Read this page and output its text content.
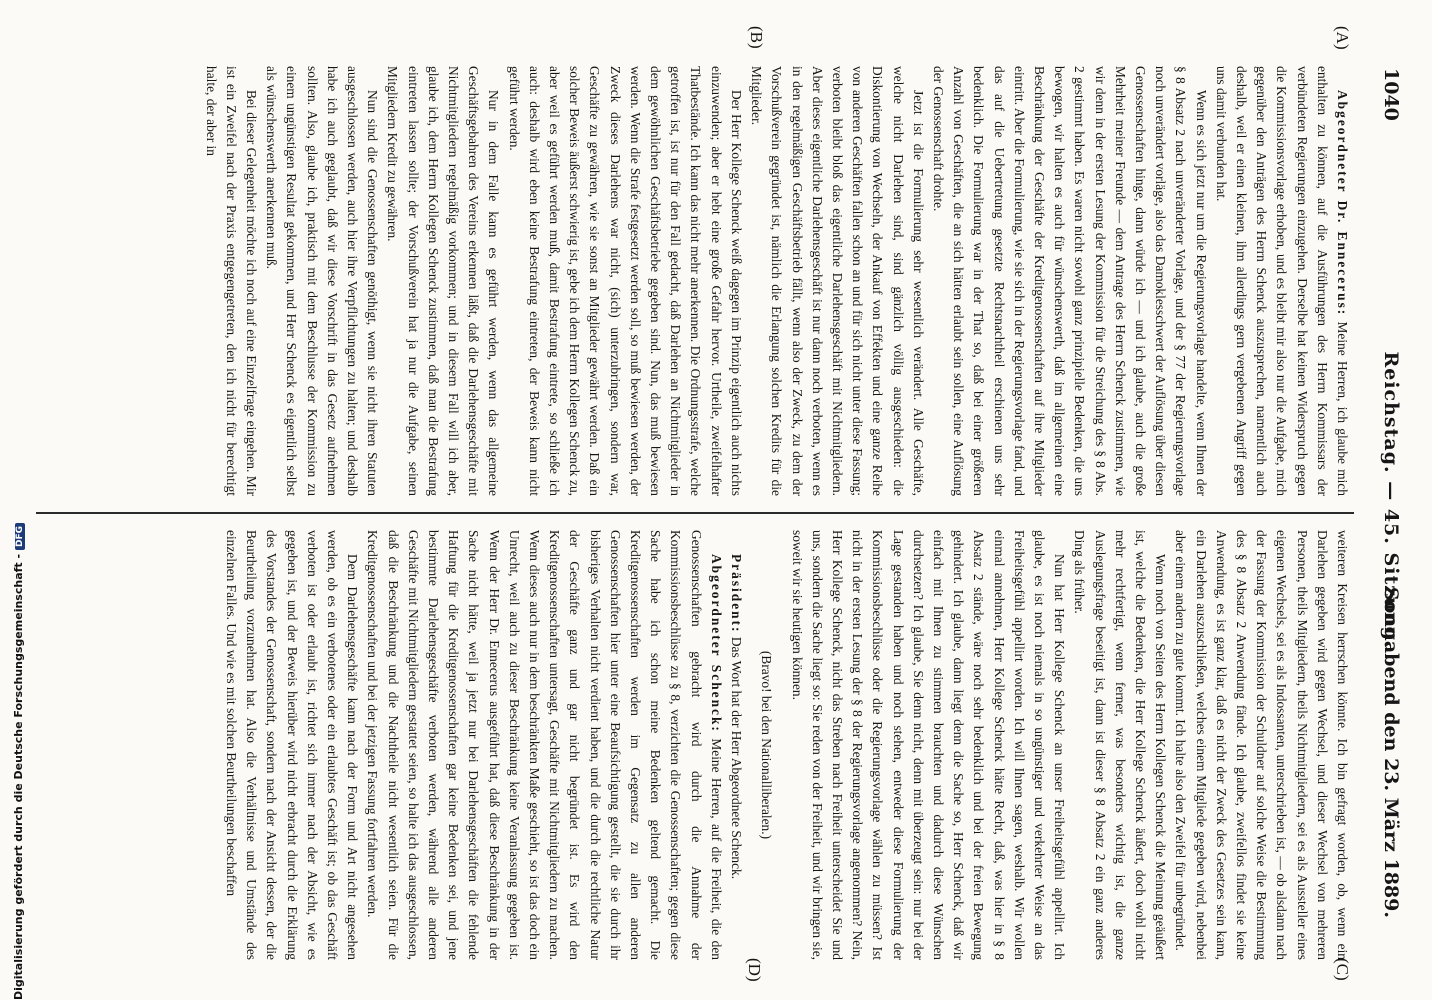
1040
Reichstag. — 45. Sitzung.
Sonnabend den 23. März 1889.
(A)
(B)
(C)
(D)

Abgeordneter Dr. Ennecerus: Meine Herren, ich glaube mich enthalten zu können, auf die Ausführungen des Herrn Kommissars der verbündeten Regierungen einzugehen. Derselbe hat keinen Widerspruch gegen die Kommissionsvorlage erhoben, und es bleibt mir also nur die Aufgabe, mich gegenüber den Anträgen des Herrn Schenck auszusprechen, namentlich auch deshalb, weil er einen kleinen, ihm allerdings gern vergebenen Angriff gegen uns damit verbunden hat.

Wenn es sich jetzt nur um die Regierungsvorlage handelte, wenn Ihnen der § 8 Absatz 2 nach unveränderter Vorlage, und der § 77 der Regierungsvorlage noch unverändert vorläge, also das Damoklesschwert der Auflösung über diesen Genossenschaften hinge, dann würde ich — und ich glaube, auch die große Mehrheit meiner Freunde — dem Antrage des Herrn Schenck zustimmen, wie wir denn in der ersten Lesung der Kommission für die Streichung des § 8 Abs. 2 gestimmt haben. Es waren nicht sowohl ganz prinzipielle Bedenken, die uns bewogen, wir halten es auch für wünschenswerth, daß im allgemeinen eine Beschränkung der Geschäfte der Kreditgenossenschaften auf ihre Mitglieder eintritt. Aber die Formulierung, wie sie sich in der Regierungsvorlage fand, und das auf die Uebertretung gesetzte Rechtsnachtheil erschienen uns sehr bedenklich. Die Formulierung war in der That so, daß bei einer größeren Anzahl von Geschäften, die an sich hätten erlaubt sein sollen, eine Auflösung der Genossenschaft drohte.

Jetzt ist die Formulierung sehr wesentlich verändert. Alle Geschäfte, welche nicht Darlehen sind, sind gänzlich völlig ausgeschieden: die Diskontierung von Wechseln, der Ankauf von Effekten und eine ganze Reihe von anderen Geschäften fallen schon an und für sich nicht unter diese Fassung; verboten bleibt bloß das eigentliche Darlehensgeschäft mit Nichtmitgliedern. Aber dieses eigentliche Darlehensgeschäft ist nur dann noch verboten, wenn es in den regelmäßigen Geschäftsbetrieb fällt, wenn also der Zweck, zu dem der Vorschußverein gegründet ist, nämlich die Erlangung solchen Kredits für die Mitglieder.

Der Herr Kollege Schenck weiß dagegen im Prinzip eigentlich auch nichts einzuwenden; aber er hebt eine große Gefahr hervor. Urtheile, zweifelhafter Thatbestände. Ich kann das nicht mehr anerkennen. Die Ordnungsstrafe, welche getroffen ist, ist nur für den Fall gedacht, daß Darlehen an Nichtmitglieder in dem gewöhnlichen Geschäftsbetriebe gegeben sind. Nun, das muß bewiesen werden. Wenn die Strafe festgesetzt werden soll, so muß bewiesen werden, der Zweck dieses Darlehens war nicht, (sich) unterzubringen, sondern war, Geschäfte zu gewähren, wie sie sonst an Mitglieder gewährt werden. Daß ein solcher Beweis äußerst schwierig ist, gebe ich dem Herrn Kollegen Schenck zu, aber weil es geführt werden muß, damit Bestrafung eintrete, so schließe ich auch: deshalb wird eben keine Bestrafung eintreten, der Beweis kann nicht geführt werden.

Nur in dem Falle kann es geführt werden, wenn das allgemeine Geschäftsgebahren des Vereins erkennen läßt, daß die Darlehensgeschäfte mit Nichtmitgliedern regelmäßig vorkommen; und in diesem Fall will ich aber, glaube ich, dem Herrn Kollegen Schenck zustimmen, daß man die Bestrafung eintreten lassen sollte; der Vorschußverein hat ja nur die Aufgabe, seinen Mitgliedern Kredit zu gewähren.

Nun sind die Genossenschaften genöthigt, wenn sie nicht ihren Statuten ausgeschlossen werden, auch hier ihre Verpflichtungen zu halten; und deshalb habe ich auch geglaubt, daß wir diese Vorschrift in das Gesetz aufnehmen sollten. Also, glaube ich, praktisch mit dem Beschlusse der Kommission zu einem ungünstigen Resultat gekommen, und Herr Schenck es eigentlich selbst als wünschenswerth anerkennen muß.

Bei dieser Gelegenheit möchte ich noch auf eine Einzelfrage eingehen. Mir ist ein Zweifel nach der Praxis entgegengetreten, den ich nicht für berechtigt halte, der aber in

weiteren Kreisen herrschen könnte. Ich bin gefragt worden, ob, wenn ein Darlehen gegeben wird gegen Wechsel, und dieser Wechsel von mehreren Personen, theils Mitgliedern, theils Nichtmitgliedern, sei es als Aussteller eines eigenen Wechsels, sei es als Indossanten, unterschrieben ist, — ob alsdann nach der Fassung der Kommission der Schuldner auf solche Weise die Bestimmung des § 8 Absatz 2 Anwendung fände. Ich glaube, zweifellos findet sie keine Anwendung, es ist ganz klar, daß es nicht der Zweck des Gesetzes sein kann, ein Darlehen auszuschließen, welches einem Mitgliede gegeben wird, nebenbei aber einem andern zu gute kommt. Ich halte also den Zweifel für unbegründet.

Wenn noch von Seiten des Herrn Kollegen Schenck die Meinung geäußert ist, welche die Bedenken, die Herr Kollege Schenck äußert, doch wohl nicht mehr rechtfertigt, wenn ferner, was besonders wichtig ist, die ganze Auslegungsfrage beseitigt ist, dann ist dieser § 8 Absatz 2 ein ganz anderes Ding als früher.

Nun hat Herr Kollege Schenck an unser Freiheitsgefühl appellirt. Ich glaube, es ist noch niemals in so ungünstiger und verkehrter Weise an das Freiheitsgefühl appellirt worden. Ich will Ihnen sagen, weshalb. Wir wollen einmal annehmen, Herr Kollege Schenck hätte Recht, daß, was hier in § 8 Absatz 2 stände, wäre noch sehr bedenklich und bei der freien Bewegung gehindert. Ich glaube, dann liegt denn die Sache so, Herr Schenck, daß wir einfach mit Ihnen zu stimmen brauchten und dadurch diese Wünschen durchsetzen? Ich glaube, Sie denn nicht, denn mit überzeugt sein: nur bei der Lage gestanden haben und noch stehen, entweder diese Formulierung der Kommissionsbeschlüsse oder die Regierungsvorlage wählen zu müssen? Ist nicht in der ersten Lesung der § 8 der Regierungsvorlage angenommen? Nein, Herr Kollege Schenck, nicht das Streben nach Freiheit unterscheidet Sie und uns, sondern die Sache liegt so: Sie reden von der Freiheit, und wir bringen sie, soweit wir sie heutigen können.

(Bravo! bei den Nationalliberalen.)

Präsident: Das Wort hat der Herr Abgeordnete Schenck.

Abgeordneter Schenck: Meine Herren, auf die Freiheit, die den Genossenschaften gebracht wird durch die Annahme der Kommissionsbeschlüsse zu § 8, verzichten die Genossenschaften; gegen diese Sache habe ich schon meine Bedenken geltend gemacht. Die Kreditgenossenschaften werden im Gegensatz zu allen anderen Genossenschaften hier unter eine Beaufsichtigung gestellt, die sie durch ihr bisheriges Verhalten nicht verdient haben, und die durch die rechtliche Natur der Geschäfte ganz und gar nicht begründet ist. Es wird den Kreditgenossenschaften untersagt, Geschäfte mit Nichtmitgliedern zu machen. Wenn dieses auch nur in dem beschränkten Maße geschieht, so ist das doch ein Unrecht, weil auch zu dieser Beschränkung keine Veranlassung gegeben ist. Wenn der Herr Dr. Ennecerus ausgeführt hat, daß diese Beschränkung in der Sache nicht hätte, weil ja jetzt nur bei Darlehensgeschäften die fehlende Haftung für die Kreditgenossenschaften gar keine Bedenken sei, und jene bestimmte Darlehensgeschäfte verboten werden, während alle anderen Geschäfte mit Nichtmitgliedern gestattet seien, so halte ich das ausgeschlossen, daß die Beschränkung und die Nachtheile nicht wesentlich seien. Für die Kreditgenossenschaften und bei der jetzigen Fassung fortfahren werden.

Dem Darlehensgeschäfte kann nach der Form und Art nicht angesehen werden, ob es ein verbotenes oder ein erlaubtes Geschäft ist; ob das Geschäft verboten ist oder erlaubt ist, richtet sich immer nach der Absicht, wie es gegeben ist, und der Beweis hierüber wird nicht erbracht durch die Erklärung des Vorstandes der Genossenschaft, sondern nach der Ansicht dessen, der die Beurtheilung vorzunehmen hat. Also die Verhältnisse und Umstände des einzelnen Falles. Und wie es mit solchen Beurtheilungen beschaffen

Digitalisierung gefördert durch die Deutsche Forschungsgemeinschaft -DFG
